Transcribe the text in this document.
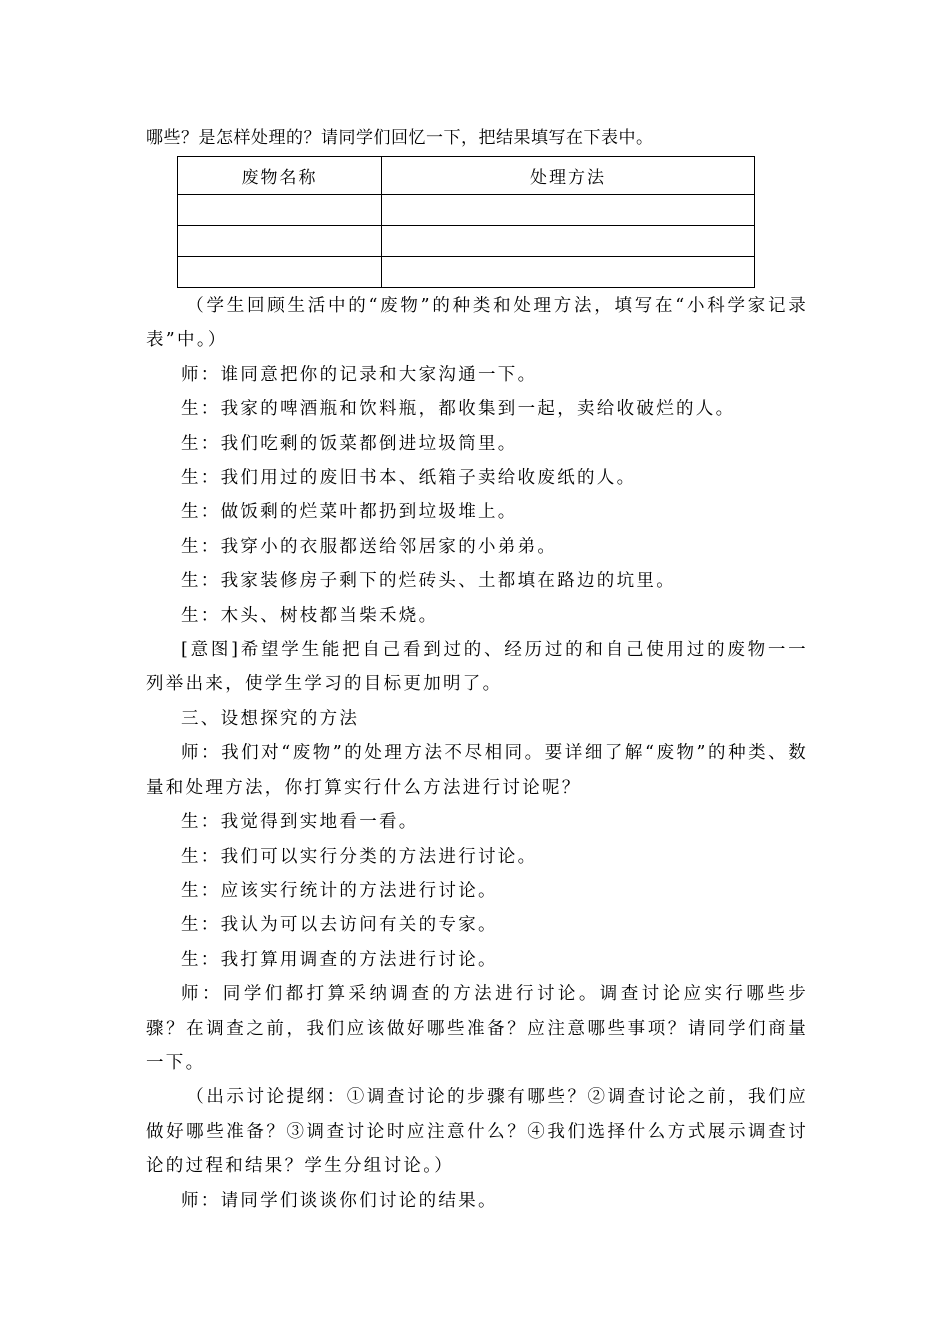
哪些？是怎样处理的？请同学们回忆一下，把结果填写在下表中。
废物名称	处理方法

（学生回顾生活中的“废物”的种类和处理方法，填写在“小科学家记录表”中。）

师：谁同意把你的记录和大家沟通一下。

生：我家的啤酒瓶和饮料瓶，都收集到一起，卖给收破烂的人。

生：我们吃剩的饭菜都倒进垃圾筒里。

生：我们用过的废旧书本、纸箱子卖给收废纸的人。

生：做饭剩的烂菜叶都扔到垃圾堆上。

生：我穿小的衣服都送给邻居家的小弟弟。

生：我家装修房子剩下的烂砖头、土都填在路边的坑里。

生：木头、树枝都当柴禾烧。

[意图]希望学生能把自己看到过的、经历过的和自己使用过的废物一一列举出来，使学生学习的目标更加明了。

三、设想探究的方法

师：我们对“废物”的处理方法不尽相同。要详细了解“废物”的种类、数量和处理方法，你打算实行什么方法进行讨论呢？

生：我觉得到实地看一看。

生：我们可以实行分类的方法进行讨论。

生：应该实行统计的方法进行讨论。

生：我认为可以去访问有关的专家。

生：我打算用调查的方法进行讨论。

师：同学们都打算采纳调查的方法进行讨论。调查讨论应实行哪些步骤？在调查之前，我们应该做好哪些准备？应注意哪些事项？请同学们商量一下。

（出示讨论提纲：①调查讨论的步骤有哪些？②调查讨论之前，我们应做好哪些准备？③调查讨论时应注意什么？④我们选择什么方式展示调查讨论的过程和结果？学生分组讨论。）

师：请同学们谈谈你们讨论的结果。
